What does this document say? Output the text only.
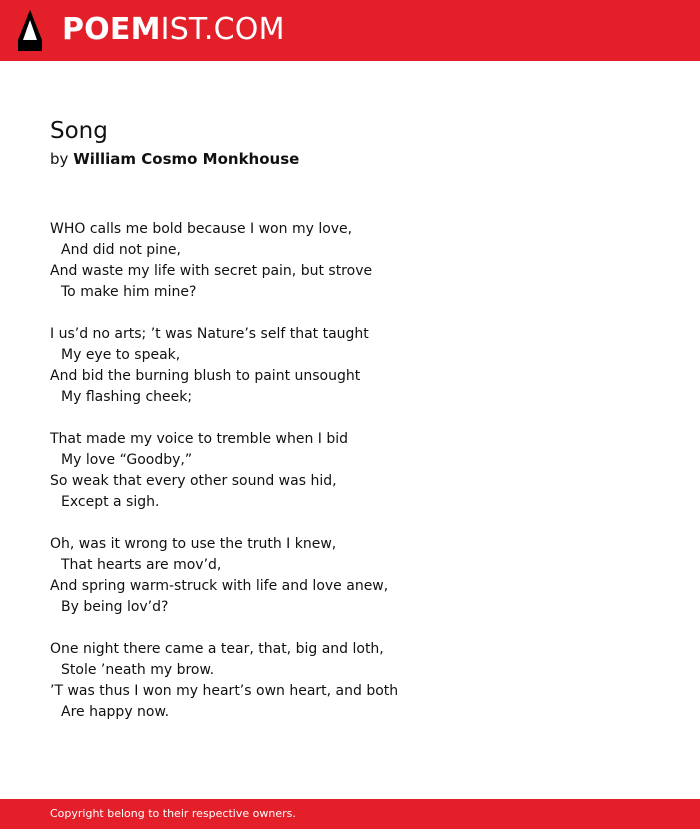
POEMIST.COM
Song
by William Cosmo Monkhouse
WHO calls me bold because I won my love,
And did not pine,
And waste my life with secret pain, but strove
To make him mine?
I us’d no arts; ’t was Nature’s self that taught
My eye to speak,
And bid the burning blush to paint unsought
My flashing cheek;
That made my voice to tremble when I bid
My love “Goodby,”
So weak that every other sound was hid,
Except a sigh.
Oh, was it wrong to use the truth I knew,
That hearts are mov’d,
And spring warm-struck with life and love anew,
By being lov’d?
One night there came a tear, that, big and loth,
Stole ’neath my brow.
’T was thus I won my heart’s own heart, and both
Are happy now.
Copyright belong to their respective owners.
